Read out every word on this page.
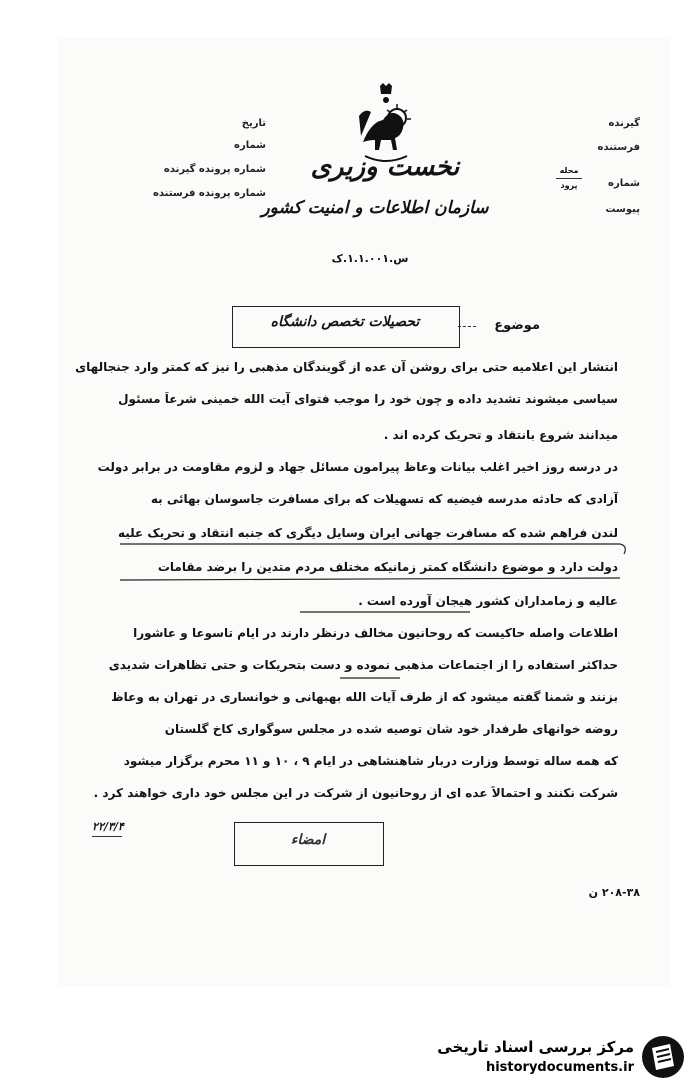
تاریخ
شماره
شماره پرونده گیرنده
شماره پرونده فرستنده
گیرنده
فرستنده
شماره
محله
پرود
پیوست
نخست وزیری
سازمان اطلاعات و امنیت کشور
س.۱.۱.۰۰۱.ک
موضوع
تحصیلات تخصص دانشگاه
انتشار این اعلامیه حتی برای روشن آن عده از گویندگان مذهبی را نیز که کمتر وارد جنجالهای
سیاسی میشوند تشدید داده و چون خود را موجب فتوای آیت الله خمینی شرعاً مسئول
میدانند شروع بانتقاد و تحریک کرده اند .
در درسه روز اخیر اغلب بیانات وعاظ پیرامون مسائل جهاد و لزوم مقاومت در برابر دولت
آزادی که حادثه مدرسه فیضیه که تسهیلات که برای مسافرت جاسوسان بهائی به
لندن فراهم شده که مسافرت جهانی ایران وسایل دیگری که جنبه انتقاد و تحریک علیه
دولت دارد و موضوع دانشگاه کمتر زمانیکه مختلف مردم متدین را برضد مقامات
عالیه و زمامداران کشور هیجان آورده است .
اطلاعات واصله حاکیست که روحانیون مخالف درنظر دارند در ایام تاسوعا و عاشورا
حداکثر استفاده را از اجتماعات مذهبی نموده و دست بتحریکات و حتی تظاهرات شدیدی
بزنند و شمنا گفته میشود که از طرف آیات الله بهبهانی و خوانساری در تهران به وعاظ
روضه خوانهای طرفدار خود شان توصیه شده در مجلس سوگواری کاخ گلستان
که همه ساله توسط وزارت دربار شاهنشاهی در ایام ۹ ، ۱۰ و ۱۱ محرم برگزار میشود
شرکت نکنند و احتمالاً عده ای از روحانیون از شرکت در این مجلس خود داری خواهند کرد .
۲۲/۳/۴
امضاء
۲۰۸-۳۸ ن
مرکز بررسی اسناد تاریخی
historydocuments.ir
